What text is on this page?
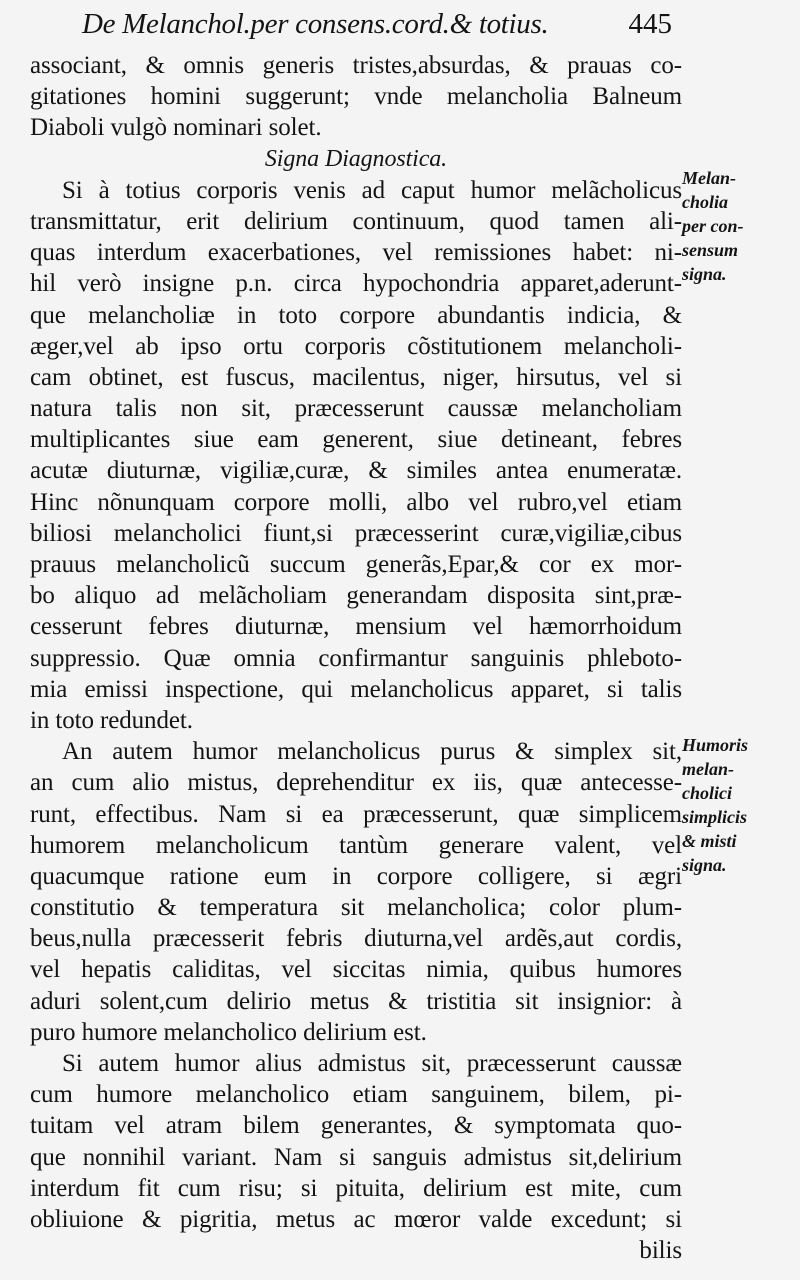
De Melanchol.per consens.cord.& totius.	445
associant, & omnis generis tristes,absurdas, & prauas co-
gitationes homini suggerunt; vnde melancholia Balneum
Diaboli vulgò nominari solet.
Signa Diagnostica.
Si à totius corporis venis ad caput humor melãcholicus
transmittatur, erit delirium continuum, quod tamen ali-
quas interdum exacerbationes, vel remissiones habet: ni-
hil verò insigne p.n. circa hypochondria apparet,aderunt-
que melancholiæ in toto corpore abundantis indicia, &
æger,vel ab ipso ortu corporis cõstitutionem melancholi-
cam obtinet, est fuscus, macilentus, niger, hirsutus, vel si
natura talis non sit, præcesserunt caussæ melancholiam
multiplicantes siue eam generent, siue detineant, febres
acutæ diuturnæ, vigiliæ,curæ, & similes antea enumeratæ.
Hinc nõnunquam corpore molli, albo vel rubro,vel etiam
biliosi melancholici fiunt,si præcesserint curæ,vigiliæ,cibus
prauus melancholicũ succum generãs,Epar,& cor ex mor-
bo aliquo ad melãcholiam generandam disposita sint,præ-
cesserunt febres diuturnæ, mensium vel hæmorrhoidum
suppressio. Quæ omnia confirmantur sanguinis phleboto-
mia emissi inspectione, qui melancholicus apparet, si talis
in toto redundet.
An autem humor melancholicus purus & simplex sit,
an cum alio mistus, deprehenditur ex iis, quæ antecesse-
runt, effectibus. Nam si ea præcesserunt, quæ simplicem
humorem melancholicum tantùm generare valent, vel
quacumque ratione eum in corpore colligere, si ægri
constitutio & temperatura sit melancholica; color plum-
beus,nulla præcesserit febris diuturna,vel ardẽs,aut cordis,
vel hepatis caliditas, vel siccitas nimia, quibus humores
aduri solent,cum delirio metus & tristitia sit insignior: à
puro humore melancholico delirium est.
Si autem humor alius admistus sit, præcesserunt caussæ
cum humore melancholico etiam sanguinem, bilem, pi-
tuitam vel atram bilem generantes, & symptomata quo-
que nonnihil variant. Nam si sanguis admistus sit,delirium
interdum fit cum risu; si pituita, delirium est mite, cum
obliuione & pigritia, metus ac mœror valde excedunt; si
bilis
Melan-
cholia
per con-
sensum
signa.
Humoris
melan-
cholici
simplicis
& misti
signa.
